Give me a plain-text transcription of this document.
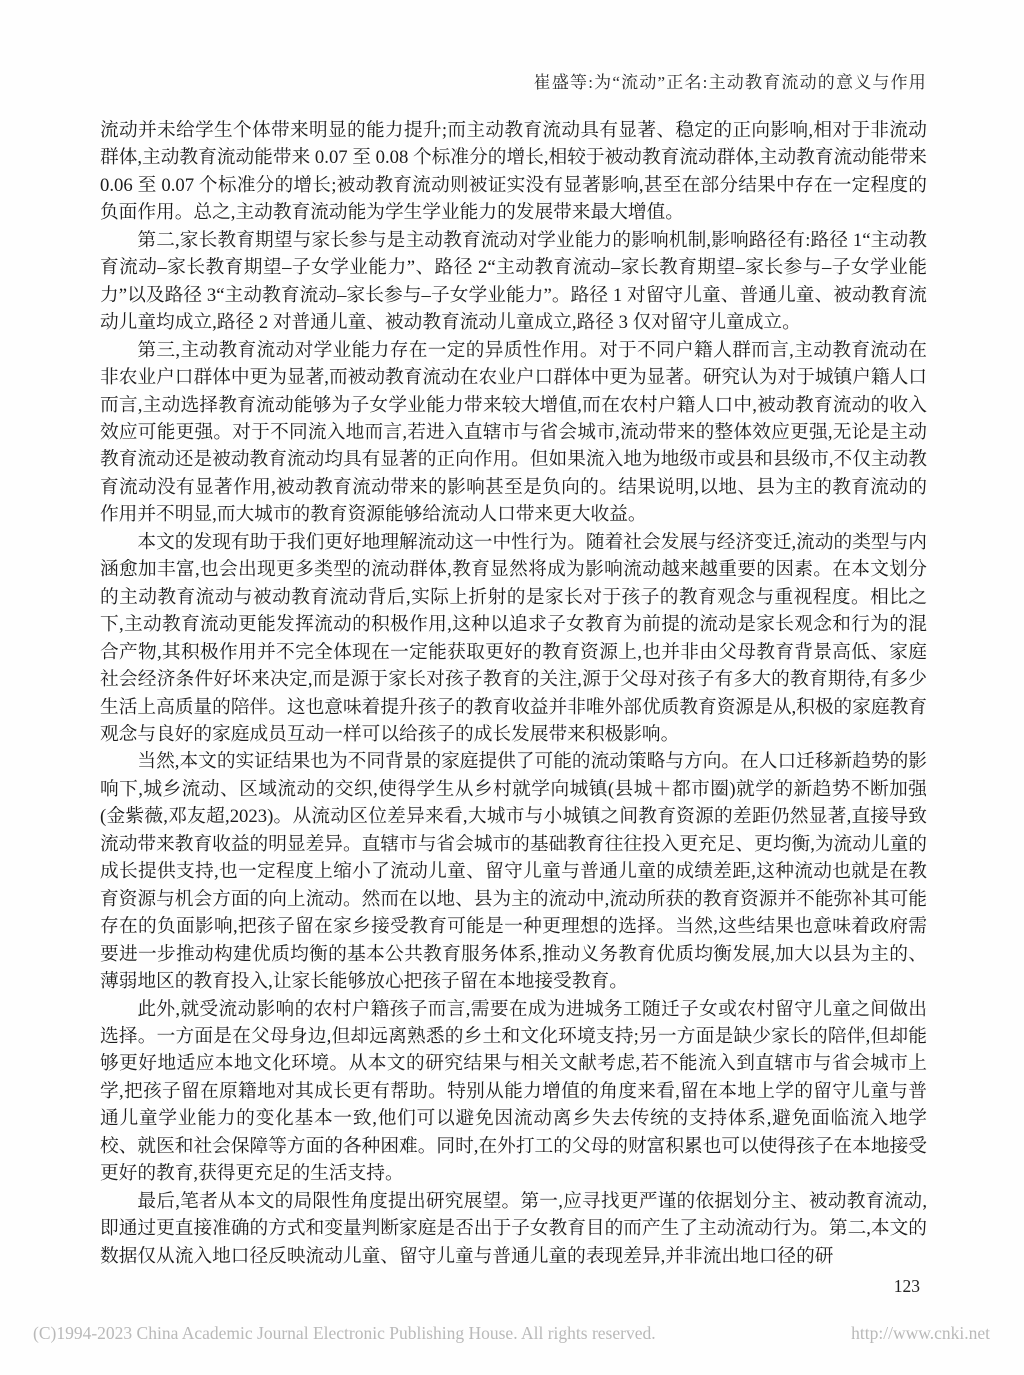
崔盛等:为“流动”正名:主动教育流动的意义与作用

流动并未给学生个体带来明显的能力提升;而主动教育流动具有显著、稳定的正向影响,相对于非流动群体,主动教育流动能带来 0.07 至 0.08 个标准分的增长,相较于被动教育流动群体,主动教育流动能带来 0.06 至 0.07 个标准分的增长;被动教育流动则被证实没有显著影响,甚至在部分结果中存在一定程度的负面作用。总之,主动教育流动能为学生学业能力的发展带来最大增值。

第二,家长教育期望与家长参与是主动教育流动对学业能力的影响机制,影响路径有:路径 1“主动教育流动–家长教育期望–子女学业能力”、路径 2“主动教育流动–家长教育期望–家长参与–子女学业能力”以及路径 3“主动教育流动–家长参与–子女学业能力”。路径 1 对留守儿童、普通儿童、被动教育流动儿童均成立,路径 2 对普通儿童、被动教育流动儿童成立,路径 3 仅对留守儿童成立。

第三,主动教育流动对学业能力存在一定的异质性作用。对于不同户籍人群而言,主动教育流动在非农业户口群体中更为显著,而被动教育流动在农业户口群体中更为显著。研究认为对于城镇户籍人口而言,主动选择教育流动能够为子女学业能力带来较大增值,而在农村户籍人口中,被动教育流动的收入效应可能更强。对于不同流入地而言,若进入直辖市与省会城市,流动带来的整体效应更强,无论是主动教育流动还是被动教育流动均具有显著的正向作用。但如果流入地为地级市或县和县级市,不仅主动教育流动没有显著作用,被动教育流动带来的影响甚至是负向的。结果说明,以地、县为主的教育流动的作用并不明显,而大城市的教育资源能够给流动人口带来更大收益。

本文的发现有助于我们更好地理解流动这一中性行为。随着社会发展与经济变迁,流动的类型与内涵愈加丰富,也会出现更多类型的流动群体,教育显然将成为影响流动越来越重要的因素。在本文划分的主动教育流动与被动教育流动背后,实际上折射的是家长对于孩子的教育观念与重视程度。相比之下,主动教育流动更能发挥流动的积极作用,这种以追求子女教育为前提的流动是家长观念和行为的混合产物,其积极作用并不完全体现在一定能获取更好的教育资源上,也并非由父母教育背景高低、家庭社会经济条件好坏来决定,而是源于家长对孩子教育的关注,源于父母对孩子有多大的教育期待,有多少生活上高质量的陪伴。这也意味着提升孩子的教育收益并非唯外部优质教育资源是从,积极的家庭教育观念与良好的家庭成员互动一样可以给孩子的成长发展带来积极影响。

当然,本文的实证结果也为不同背景的家庭提供了可能的流动策略与方向。在人口迁移新趋势的影响下,城乡流动、区域流动的交织,使得学生从乡村就学向城镇(县城＋都市圈)就学的新趋势不断加强(金紫薇,邓友超,2023)。从流动区位差异来看,大城市与小城镇之间教育资源的差距仍然显著,直接导致流动带来教育收益的明显差异。直辖市与省会城市的基础教育往往投入更充足、更均衡,为流动儿童的成长提供支持,也一定程度上缩小了流动儿童、留守儿童与普通儿童的成绩差距,这种流动也就是在教育资源与机会方面的向上流动。然而在以地、县为主的流动中,流动所获的教育资源并不能弥补其可能存在的负面影响,把孩子留在家乡接受教育可能是一种更理想的选择。当然,这些结果也意味着政府需要进一步推动构建优质均衡的基本公共教育服务体系,推动义务教育优质均衡发展,加大以县为主的、薄弱地区的教育投入,让家长能够放心把孩子留在本地接受教育。

此外,就受流动影响的农村户籍孩子而言,需要在成为进城务工随迁子女或农村留守儿童之间做出选择。一方面是在父母身边,但却远离熟悉的乡土和文化环境支持;另一方面是缺少家长的陪伴,但却能够更好地适应本地文化环境。从本文的研究结果与相关文献考虑,若不能流入到直辖市与省会城市上学,把孩子留在原籍地对其成长更有帮助。特别从能力增值的角度来看,留在本地上学的留守儿童与普通儿童学业能力的变化基本一致,他们可以避免因流动离乡失去传统的支持体系,避免面临流入地学校、就医和社会保障等方面的各种困难。同时,在外打工的父母的财富积累也可以使得孩子在本地接受更好的教育,获得更充足的生活支持。

最后,笔者从本文的局限性角度提出研究展望。第一,应寻找更严谨的依据划分主、被动教育流动,即通过更直接准确的方式和变量判断家庭是否出于子女教育目的而产生了主动流动行为。第二,本文的数据仅从流入地口径反映流动儿童、留守儿童与普通儿童的表现差异,并非流出地口径的研

123
(C)1994-2023 China Academic Journal Electronic Publishing House. All rights reserved.	http://www.cnki.net
